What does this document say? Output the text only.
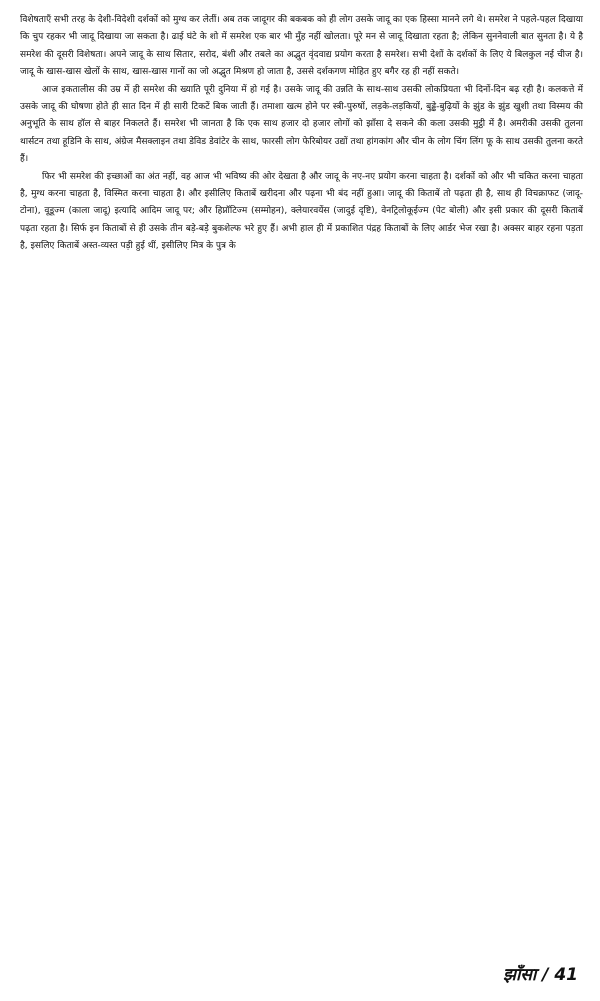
विशेषताएँ सभी तरह के देशी-विदेशी दर्शकों को मुग्ध कर लेतीं। अब तक जादूगर की बकबक को ही लोग उसके जादू का एक हिस्सा मानने लगे थे। समरेश ने पहले-पहल दिखाया कि चुप रहकर भी जादू दिखाया जा सकता है। ढाई घंटे के शो में समरेश एक बार भी मुँह नहीं खोलता। पूरे मन से जादू दिखाता रहता है; लेकिन सुननेवाली बात सुनता है। ये है समरेश की दूसरी विशेषता। अपने जादू के साथ सितार, सरोद, बंशी और तबले का अद्भुत वृंदवाद्य प्रयोग करता है समरेश। सभी देशों के दर्शकों के लिए ये बिलकुल नई चीज है। जादू के खास-खास खेलों के साथ, खास-खास गानों का जो अद्भुत मिश्रण हो जाता है, उससे दर्शकगण मोहित हुए बगैर रह ही नहीं सकते।

आज इकतालीस की उम्र में ही समरेश की ख्याति पूरी दुनिया में हो गई है। उसके जादू की उन्नति के साथ-साथ उसकी लोकप्रियता भी दिनों-दिन बढ़ रही है। कलकत्ते में उसके जादू की घोषणा होते ही सात दिन में ही सारी टिकटें बिक जाती हैं। तमाशा खत्म होने पर स्त्री-पुरुषों, लड़के-लड़कियों, बुड्ढे-बुढ़ियों के झुंड के झुंड खुशी तथा विस्मय की अनुभूति के साथ हॉल से बाहर निकलते हैं। समरेश भी जानता है कि एक साथ हजार दो हजार लोगों को झाँसा दे सकने की कला उसकी मुट्ठी में है। अमरीकी उसकी तुलना थार्सटन तथा हूडिनि के साथ, अंग्रेज मैसक्लाइन तथा डेविड डेवांटेर के साथ, फारसी लोग फेरिबोयर उद्यों तथा हांगकांग और चीन के लोग चिंग लिंग फू के साथ उसकी तुलना करते हैं।

फिर भी समरेश की इच्छाओं का अंत नहीं, वह आज भी भविष्य की ओर देखता है और जादू के नए-नए प्रयोग करना चाहता है। दर्शकों को और भी चकित करना चाहता है, मुग्ध करना चाहता है, विस्मित करना चाहता है। और इसीलिए किताबें खरीदना और पढ़ना भी बंद नहीं हुआ। जादू की किताबें तो पढ़ता ही है, साथ ही विचक्राफट (जादू-टोना), वूडूज्म (काला जादू) इत्यादि आदिम जादू पर; और हिप्नॉटिज्म (सम्मोहन), क्लेयारवयेंस (जादुई दृष्टि), वेनट्रिलोकूईज्म (पेट बोली) और इसी प्रकार की दूसरी किताबें पढ़ता रहता है। सिर्फ इन किताबों से ही उसके तीन बड़े-बड़े बुकशेल्फ भरे हुए हैं। अभी हाल ही में प्रकाशित पंद्रह किताबों के लिए आर्डर भेज रखा है। अक्सर बाहर रहना पड़ता है, इसलिए किताबें अस्त-व्यस्त पड़ी हुई थीं, इसीलिए मित्र के पुत्र के

झाँसा / 41
